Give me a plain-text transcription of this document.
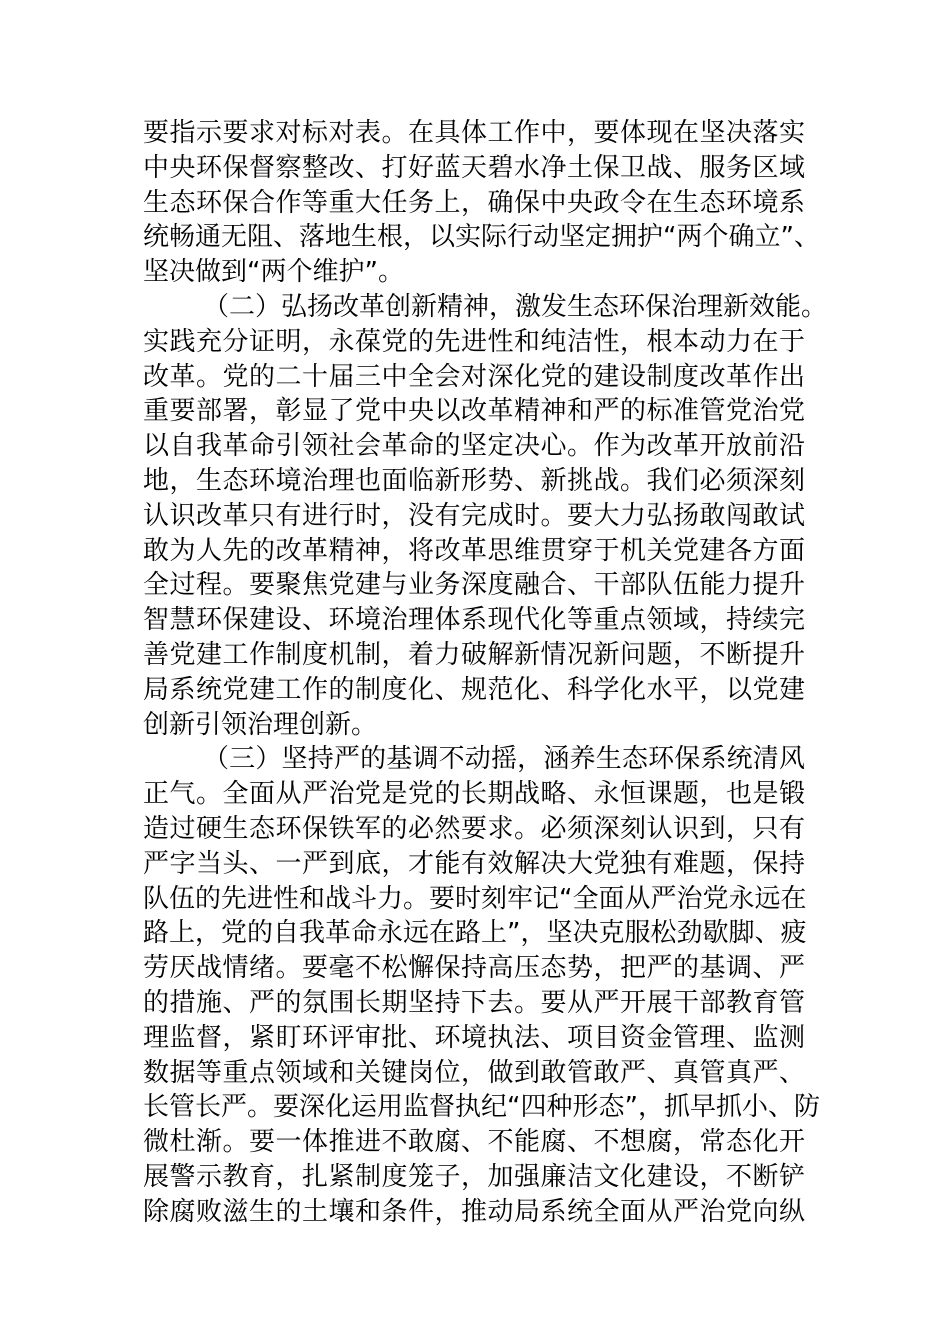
要指示要求对标对表。在具体工作中，要体现在坚决落实
中央环保督察整改、打好蓝天碧水净土保卫战、服务区域
生态环保合作等重大任务上，确保中央政令在生态环境系
统畅通无阻、落地生根，以实际行动坚定拥护“两个确立”、
坚决做到“两个维护”。
（二）弘扬改革创新精神，激发生态环保治理新效能。
实践充分证明，永葆党的先进性和纯洁性，根本动力在于
改革。党的二十届三中全会对深化党的建设制度改革作出
重要部署，彰显了党中央以改革精神和严的标准管党治党
以自我革命引领社会革命的坚定决心。作为改革开放前沿
地，生态环境治理也面临新形势、新挑战。我们必须深刻
认识改革只有进行时，没有完成时。要大力弘扬敢闯敢试
敢为人先的改革精神，将改革思维贯穿于机关党建各方面
全过程。要聚焦党建与业务深度融合、干部队伍能力提升
智慧环保建设、环境治理体系现代化等重点领域，持续完
善党建工作制度机制，着力破解新情况新问题，不断提升
局系统党建工作的制度化、规范化、科学化水平，以党建
创新引领治理创新。
（三）坚持严的基调不动摇，涵养生态环保系统清风
正气。全面从严治党是党的长期战略、永恒课题，也是锻
造过硬生态环保铁军的必然要求。必须深刻认识到，只有
严字当头、一严到底，才能有效解决大党独有难题，保持
队伍的先进性和战斗力。要时刻牢记“全面从严治党永远在
路上，党的自我革命永远在路上”，坚决克服松劲歇脚、疲
劳厌战情绪。要毫不松懈保持高压态势，把严的基调、严
的措施、严的氛围长期坚持下去。要从严开展干部教育管
理监督，紧盯环评审批、环境执法、项目资金管理、监测
数据等重点领域和关键岗位，做到敢管敢严、真管真严、
长管长严。要深化运用监督执纪“四种形态”，抓早抓小、防
微杜渐。要一体推进不敢腐、不能腐、不想腐，常态化开
展警示教育，扎紧制度笼子，加强廉洁文化建设，不断铲
除腐败滋生的土壤和条件，推动局系统全面从严治党向纵
